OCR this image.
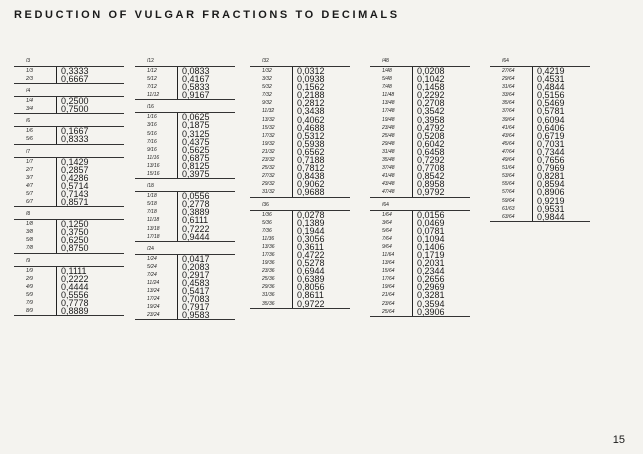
REDUCTION OF VULGAR FRACTIONS TO DECIMALS
/3
1/3
2/3
0,3333
0,6667
/4
1/4
3/4
0,2500
0,7500
/6
1/6
5/6
0,1667
0,8333
/7
1/7
2/7
3/7
4/7
5/7
6/7
0,1429
0,2857
0,4286
0,5714
0,7143
0,8571
/8
1/8
3/8
5/8
7/8
0,1250
0,3750
0,6250
0,8750
/9
1/9
2/9
4/9
5/9
7/9
8/9
0,1111
0,2222
0,4444
0,5556
0,7778
0,8889
/12
1/12
5/12
7/12
11/12
0,0833
0,4167
0,5833
0,9167
/16
1/16
3/16
5/16
7/16
9/16
11/16
13/16
15/16
0,0625
0,1875
0,3125
0,4375
0,5625
0,6875
0,8125
0,3975
/18
1/18
5/18
7/18
11/18
13/18
17/18
0,0556
0,2778
0,3889
0,6111
0,7222
0,9444
/24
1/24
5/24
7/24
11/24
13/24
17/24
19/24
23/24
0,0417
0,2083
0,2917
0,4583
0,5417
0,7083
0,7917
0,9583
/32
1/32
3/32
5/32
7/32
9/32
11/32
13/32
15/32
17/32
19/32
21/32
23/32
25/32
27/32
29/32
31/32
0,0312
0,0938
0,1562
0,2188
0,2812
0,3438
0,4062
0,4688
0,5312
0,5938
0,6562
0,7188
0,7812
0,8438
0,9062
0,9688
/36
1/36
5/36
7/36
11/36
13/36
17/36
19/36
23/36
25/36
29/36
31/36
35/36
0,0278
0,1389
0,1944
0,3056
0,3611
0,4722
0,5278
0,6944
0,6389
0,8056
0,8611
0,9722
/48
1/48
5/48
7/48
11/48
13/48
17/48
19/48
23/48
25/48
29/48
31/48
35/48
37/48
41/48
43/48
47/48
0,0208
0,1042
0,1458
0,2292
0,2708
0,3542
0,3958
0,4792
0,5208
0,6042
0,6458
0,7292
0,7708
0,8542
0,8958
0,9792
/64
1/64
3/64
5/64
7/64
9/64
11/64
13/64
15/64
17/64
19/64
21/64
23/64
25/64
0,0156
0,0469
0,0781
0,1094
0,1406
0,1719
0,2031
0,2344
0,2656
0,2969
0,3281
0,3594
0,3906
/64
27/64
29/64
31/64
33/64
35/64
37/64
39/64
41/64
43/64
45/64
47/64
49/64
51/64
53/64
55/64
57/64
59/64
61/63
63/64
0,4219
0,4531
0,4844
0,5156
0,5469
0,5781
0,6094
0,6406
0,6719
0,7031
0,7344
0,7656
0,7969
0,8281
0,8594
0,8906
0,9219
0,9531
0,9844
15
